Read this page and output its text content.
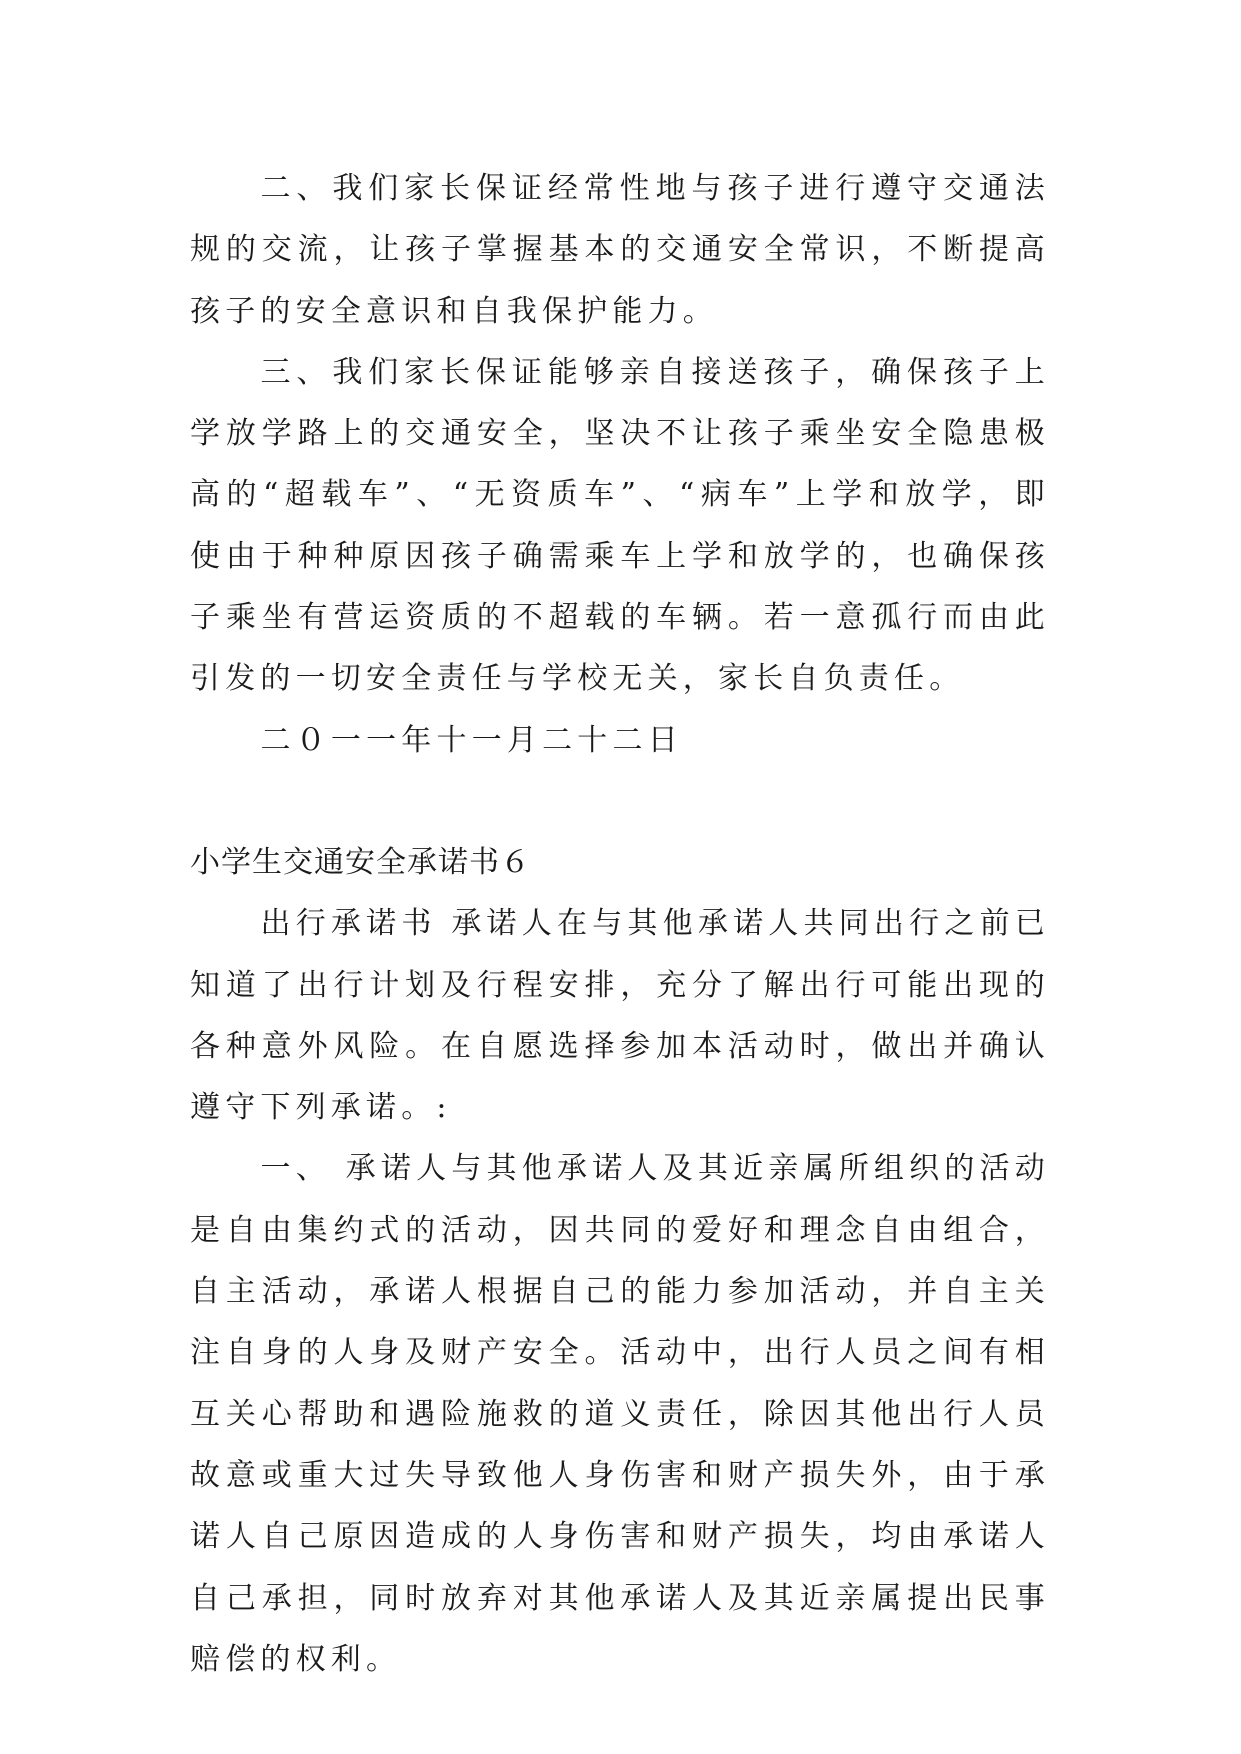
二、我们家长保证经常性地与孩子进行遵守交通法规的交流，让孩子掌握基本的交通安全常识，不断提高孩子的安全意识和自我保护能力。

三、我们家长保证能够亲自接送孩子，确保孩子上学放学路上的交通安全，坚决不让孩子乘坐安全隐患极高的“超载车”、“无资质车”、“病车”上学和放学，即使由于种种原因孩子确需乘车上学和放学的，也确保孩子乘坐有营运资质的不超载的车辆。若一意孤行而由此引发的一切安全责任与学校无关，家长自负责任。

二０一一年十一月二十二日

小学生交通安全承诺书６

出行承诺书 承诺人在与其他承诺人共同出行之前已知道了出行计划及行程安排，充分了解出行可能出现的各种意外风险。在自愿选择参加本活动时，做出并确认遵守下列承诺。:

一、 承诺人与其他承诺人及其近亲属所组织的活动是自由集约式的活动，因共同的爱好和理念自由组合，自主活动，承诺人根据自己的能力参加活动，并自主关注自身的人身及财产安全。活动中，出行人员之间有相互关心帮助和遇险施救的道义责任，除因其他出行人员故意或重大过失导致他人身伤害和财产损失外，由于承诺人自己原因造成的人身伤害和财产损失，均由承诺人自己承担，同时放弃对其他承诺人及其近亲属提出民事赔偿的权利。
